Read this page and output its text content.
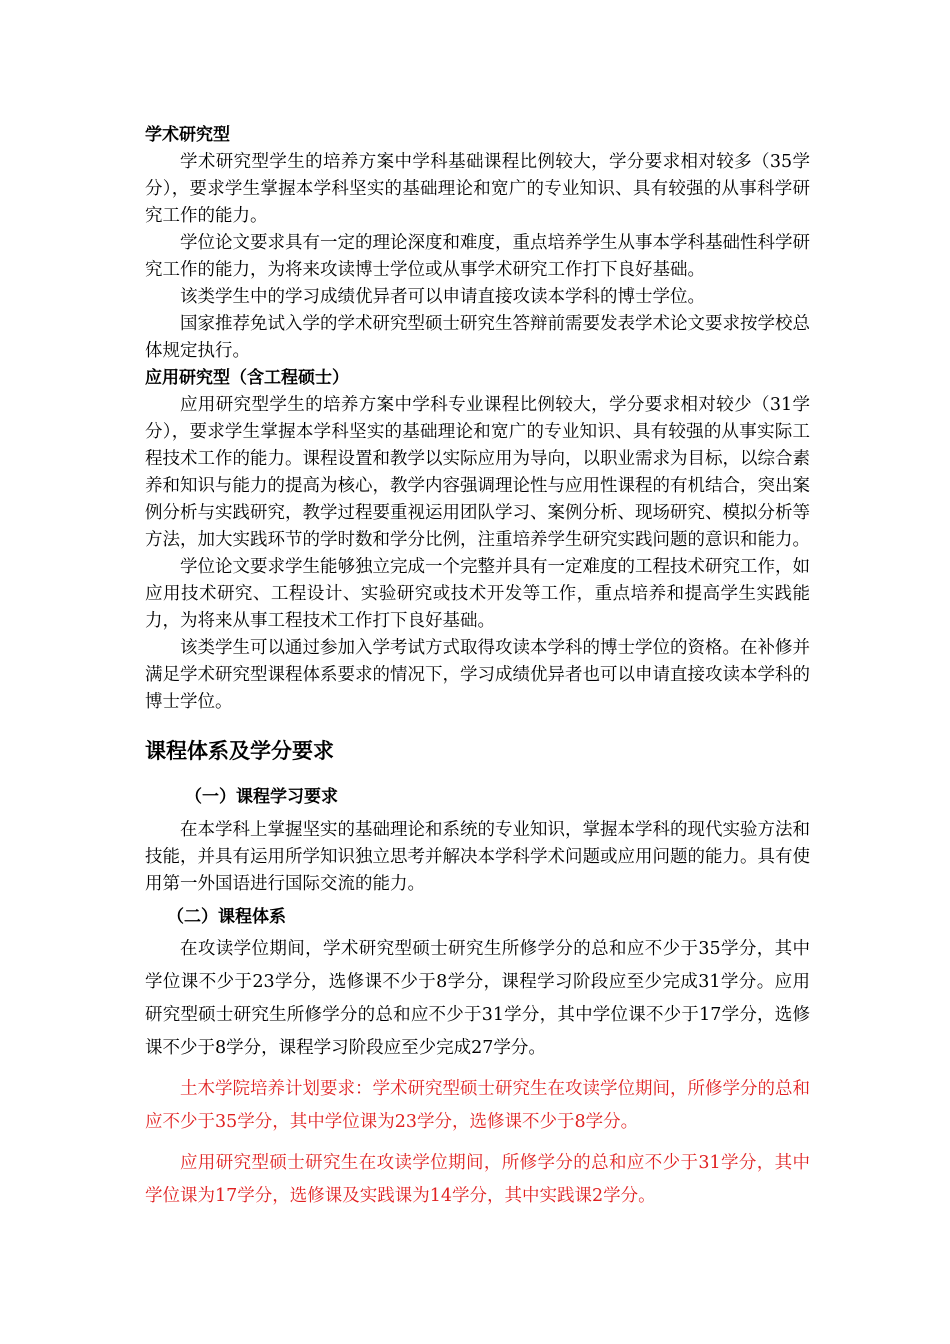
学术研究型

学术研究型学生的培养方案中学科基础课程比例较大，学分要求相对较多（35学分），要求学生掌握本学科坚实的基础理论和宽广的专业知识、具有较强的从事科学研究工作的能力。

学位论文要求具有一定的理论深度和难度，重点培养学生从事本学科基础性科学研究工作的能力，为将来攻读博士学位或从事学术研究工作打下良好基础。

该类学生中的学习成绩优异者可以申请直接攻读本学科的博士学位。

国家推荐免试入学的学术研究型硕士研究生答辩前需要发表学术论文要求按学校总体规定执行。

应用研究型（含工程硕士）

应用研究型学生的培养方案中学科专业课程比例较大，学分要求相对较少（31学分），要求学生掌握本学科坚实的基础理论和宽广的专业知识、具有较强的从事实际工程技术工作的能力。课程设置和教学以实际应用为导向，以职业需求为目标，以综合素养和知识与能力的提高为核心，教学内容强调理论性与应用性课程的有机结合，突出案例分析与实践研究，教学过程要重视运用团队学习、案例分析、现场研究、模拟分析等方法，加大实践环节的学时数和学分比例，注重培养学生研究实践问题的意识和能力。

学位论文要求学生能够独立完成一个完整并具有一定难度的工程技术研究工作，如应用技术研究、工程设计、实验研究或技术开发等工作，重点培养和提高学生实践能力，为将来从事工程技术工作打下良好基础。

该类学生可以通过参加入学考试方式取得攻读本学科的博士学位的资格。在补修并满足学术研究型课程体系要求的情况下，学习成绩优异者也可以申请直接攻读本学科的博士学位。

课程体系及学分要求
（一）课程学习要求

在本学科上掌握坚实的基础理论和系统的专业知识，掌握本学科的现代实验方法和技能，并具有运用所学知识独立思考并解决本学科学术问题或应用问题的能力。具有使用第一外国语进行国际交流的能力。

（二）课程体系

在攻读学位期间，学术研究型硕士研究生所修学分的总和应不少于35学分，其中学位课不少于23学分，选修课不少于8学分，课程学习阶段应至少完成31学分。应用研究型硕士研究生所修学分的总和应不少于31学分，其中学位课不少于17学分，选修课不少于8学分，课程学习阶段应至少完成27学分。

土木学院培养计划要求：学术研究型硕士研究生在攻读学位期间，所修学分的总和应不少于35学分，其中学位课为23学分，选修课不少于8学分。

应用研究型硕士研究生在攻读学位期间，所修学分的总和应不少于31学分，其中学位课为17学分，选修课及实践课为14学分，其中实践课2学分。
